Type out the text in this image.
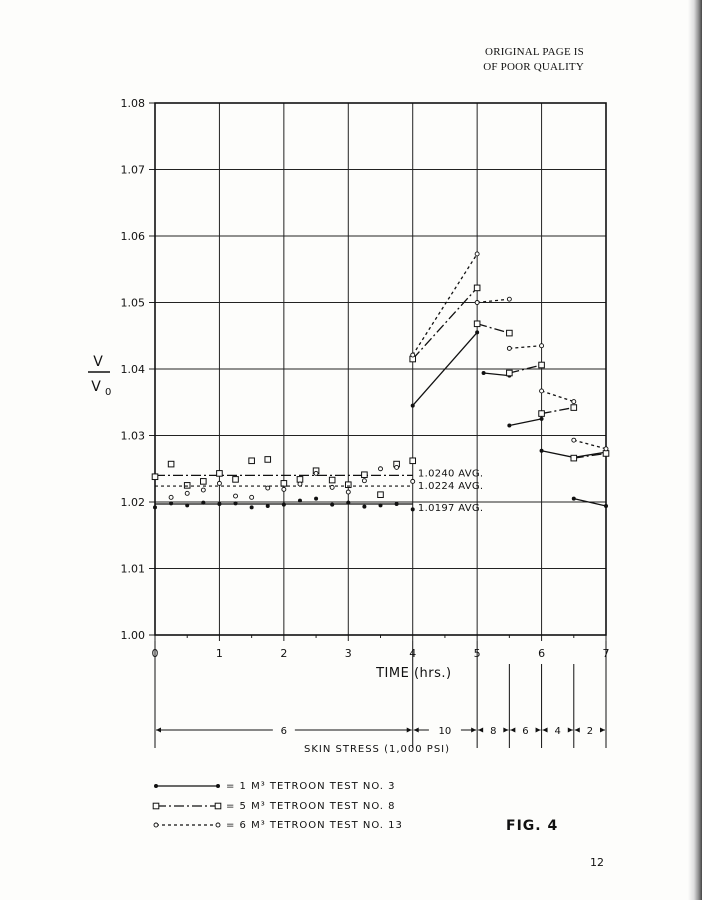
ORIGINAL PAGE IS
OF POOR QUALITY
6	10	8	6	4	2
SKIN STRESS (1,000 PSI)
1.00
1.01
1.02
1.03
1.04
1.05
1.06
1.07
1.08
0	1	2	3	4	5	6	7
TIME (hrs.)
V
V 0
1.0240 AVG.
1.0224 AVG.
1.0197 AVG.
= 1 M³ TETROON TEST NO. 3
= 5 M³ TETROON TEST NO. 8
= 6 M³ TETROON TEST NO. 13	FIG. 4
12
